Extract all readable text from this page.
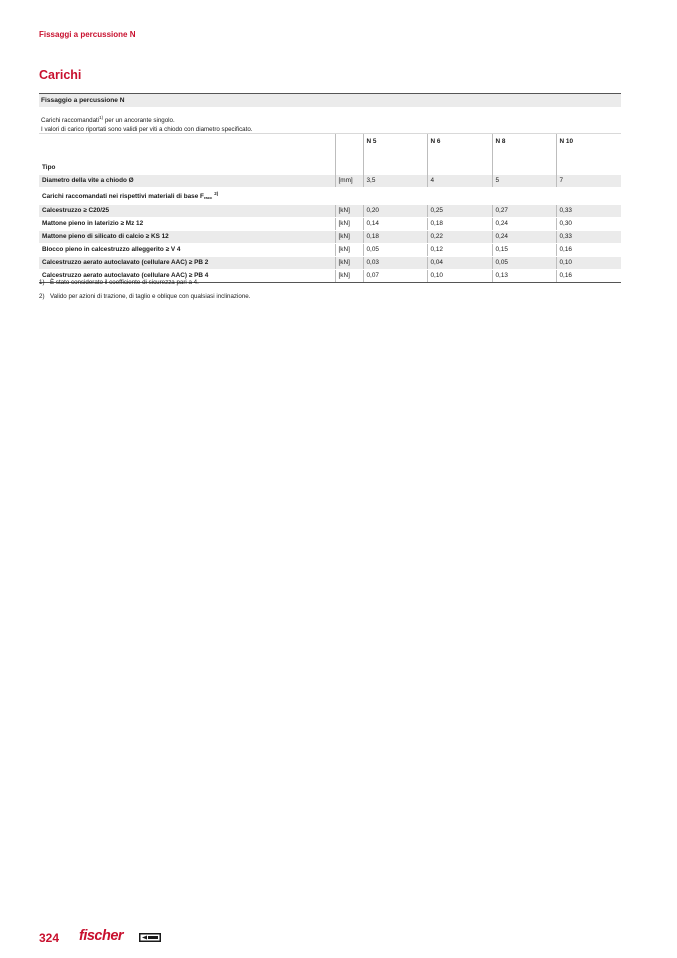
Fissaggi a percussione N
Carichi
Fissaggio a percussione N
Carichi raccomandati$^{1)}$ per un ancorante singolo.
I valori di carico riportati sono validi per viti a chiodo con diametro specificato.
Tipo		N 5	N 6	N 8	N 10
Diametro della vite a chiodo Ø	[mm]	3,5	4	5	7
Carichi raccomandati nei rispettivi materiali di base $F_{racc}^{2)}$
Calcestruzzo ≥ C20/25	[kN]	0,20	0,25	0,27	0,33
Mattone pieno in laterizio ≥ Mz 12	[kN]	0,14	0,18	0,24	0,30
Mattone pieno di silicato di calcio ≥ KS 12	[kN]	0,18	0,22	0,24	0,33
Blocco pieno in calcestruzzo alleggerito ≥ V 4	[kN]	0,05	0,12	0,15	0,16
Calcestruzzo aerato autoclavato (cellulare AAC) ≥ PB 2	[kN]	0,03	0,04	0,05	0,10
Calcestruzzo aerato autoclavato (cellulare AAC) ≥ PB 4	[kN]	0,07	0,10	0,13	0,16
1) È stato considerato il coefficiente di sicurezza pari a 4.
2) Valido per azioni di trazione, di taglio e oblique con qualsiasi inclinazione.
324 fischer
